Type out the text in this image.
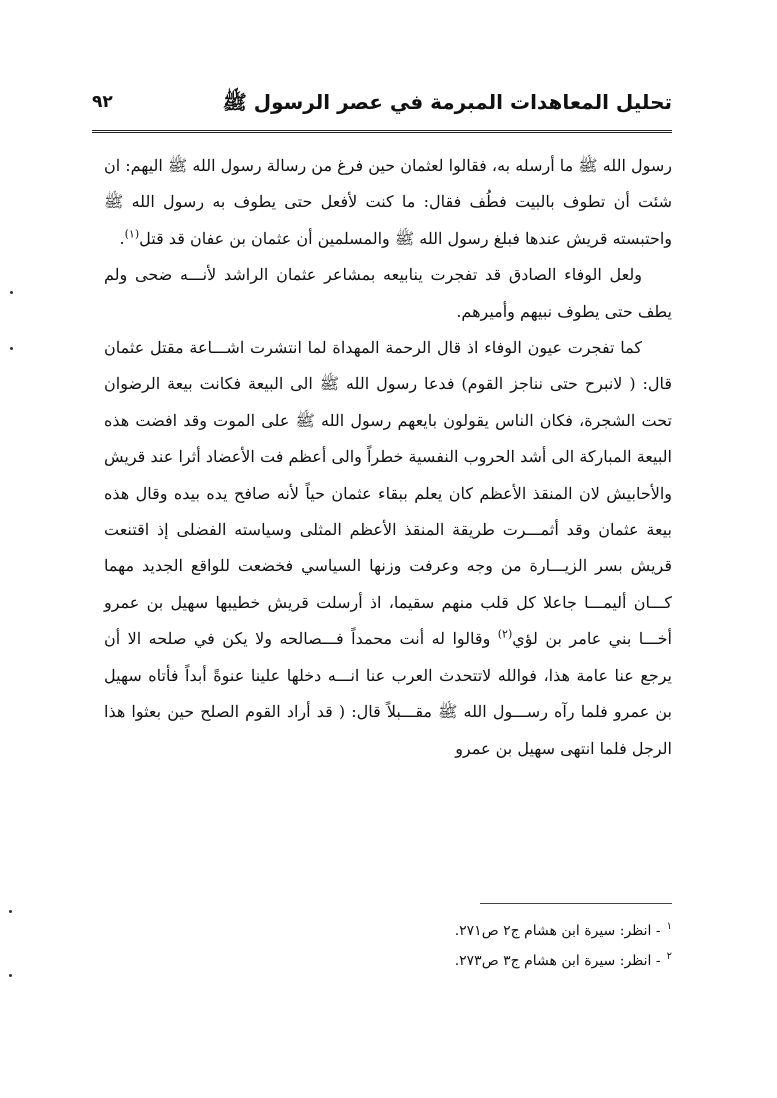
تحليل المعاهدات المبرمة في عصر الرسول ﷺ
٩٢

رسول الله ﷺ ما أرسله به، فقالوا لعثمان حين فرغ من رسالة رسول الله ﷺ اليهم: ان شئت أن تطوف بالبيت فطُف فقال: ما كنت لأفعل حتى يطوف به رسول الله ﷺ واحتبسته قريش عندها فبلغ رسول الله ﷺ والمسلمين أن عثمان بن عفان قد قتل$^{(١)}$.

ولعل الوفاء الصادق قد تفجرت ينابيعه بمشاعر عثمان الراشد لأنـــه ضحى ولم يطف حتى يطوف نبيهم وأميرهم.

كما تفجرت عيون الوفاء اذ قال الرحمة المهداة لما انتشرت اشـــاعة مقتل عثمان قال: ( لانبرح حتى نناجز القوم) فدعا رسول الله ﷺ الى البيعة فكانت بيعة الرضوان تحت الشجرة، فكان الناس يقولون بايعهم رسول الله ﷺ على الموت وقد افضت هذه البيعة المباركة الى أشد الحروب النفسية خطراً والى أعظم فت الأعضاد أثرا عند قريش والأحابيش لان المنقذ الأعظم كان يعلم ببقاء عثمان حياً لأنه صافح يده بيده وقال هذه بيعة عثمان وقد أثمـــرت طريقة المنقذ الأعظم المثلى وسياسته الفضلى إذ اقتنعت قريش بسر الزيـــارة من وجه وعرفت وزنها السياسي فخضعت للواقع الجديد مهما كـــان أليمـــا جاعلا كل قلب منهم سقيما، اذ أرسلت قريش خطيبها سهيل بن عمرو أخـــا بني عامر بن لؤي$^{(٢)}$ وقالوا له أنت محمداً فـــصالحه ولا يكن في صلحه الا أن يرجع عنا عامة هذا، فوالله لاتتحدث العرب عنا انـــه دخلها علينا عنوةً أبداً فأتاه سهيل بن عمرو فلما رآه رســـول الله ﷺ مقـــبلاً قال: ( قد أراد القوم الصلح حين بعثوا هذا الرجل فلما انتهى سهيل بن عمرو

$^١$- انظر: سيرة ابن هشام ج٢ ص٢٧١.

$^٢$- انظر: سيرة ابن هشام ج٣ ص٢٧٣.
